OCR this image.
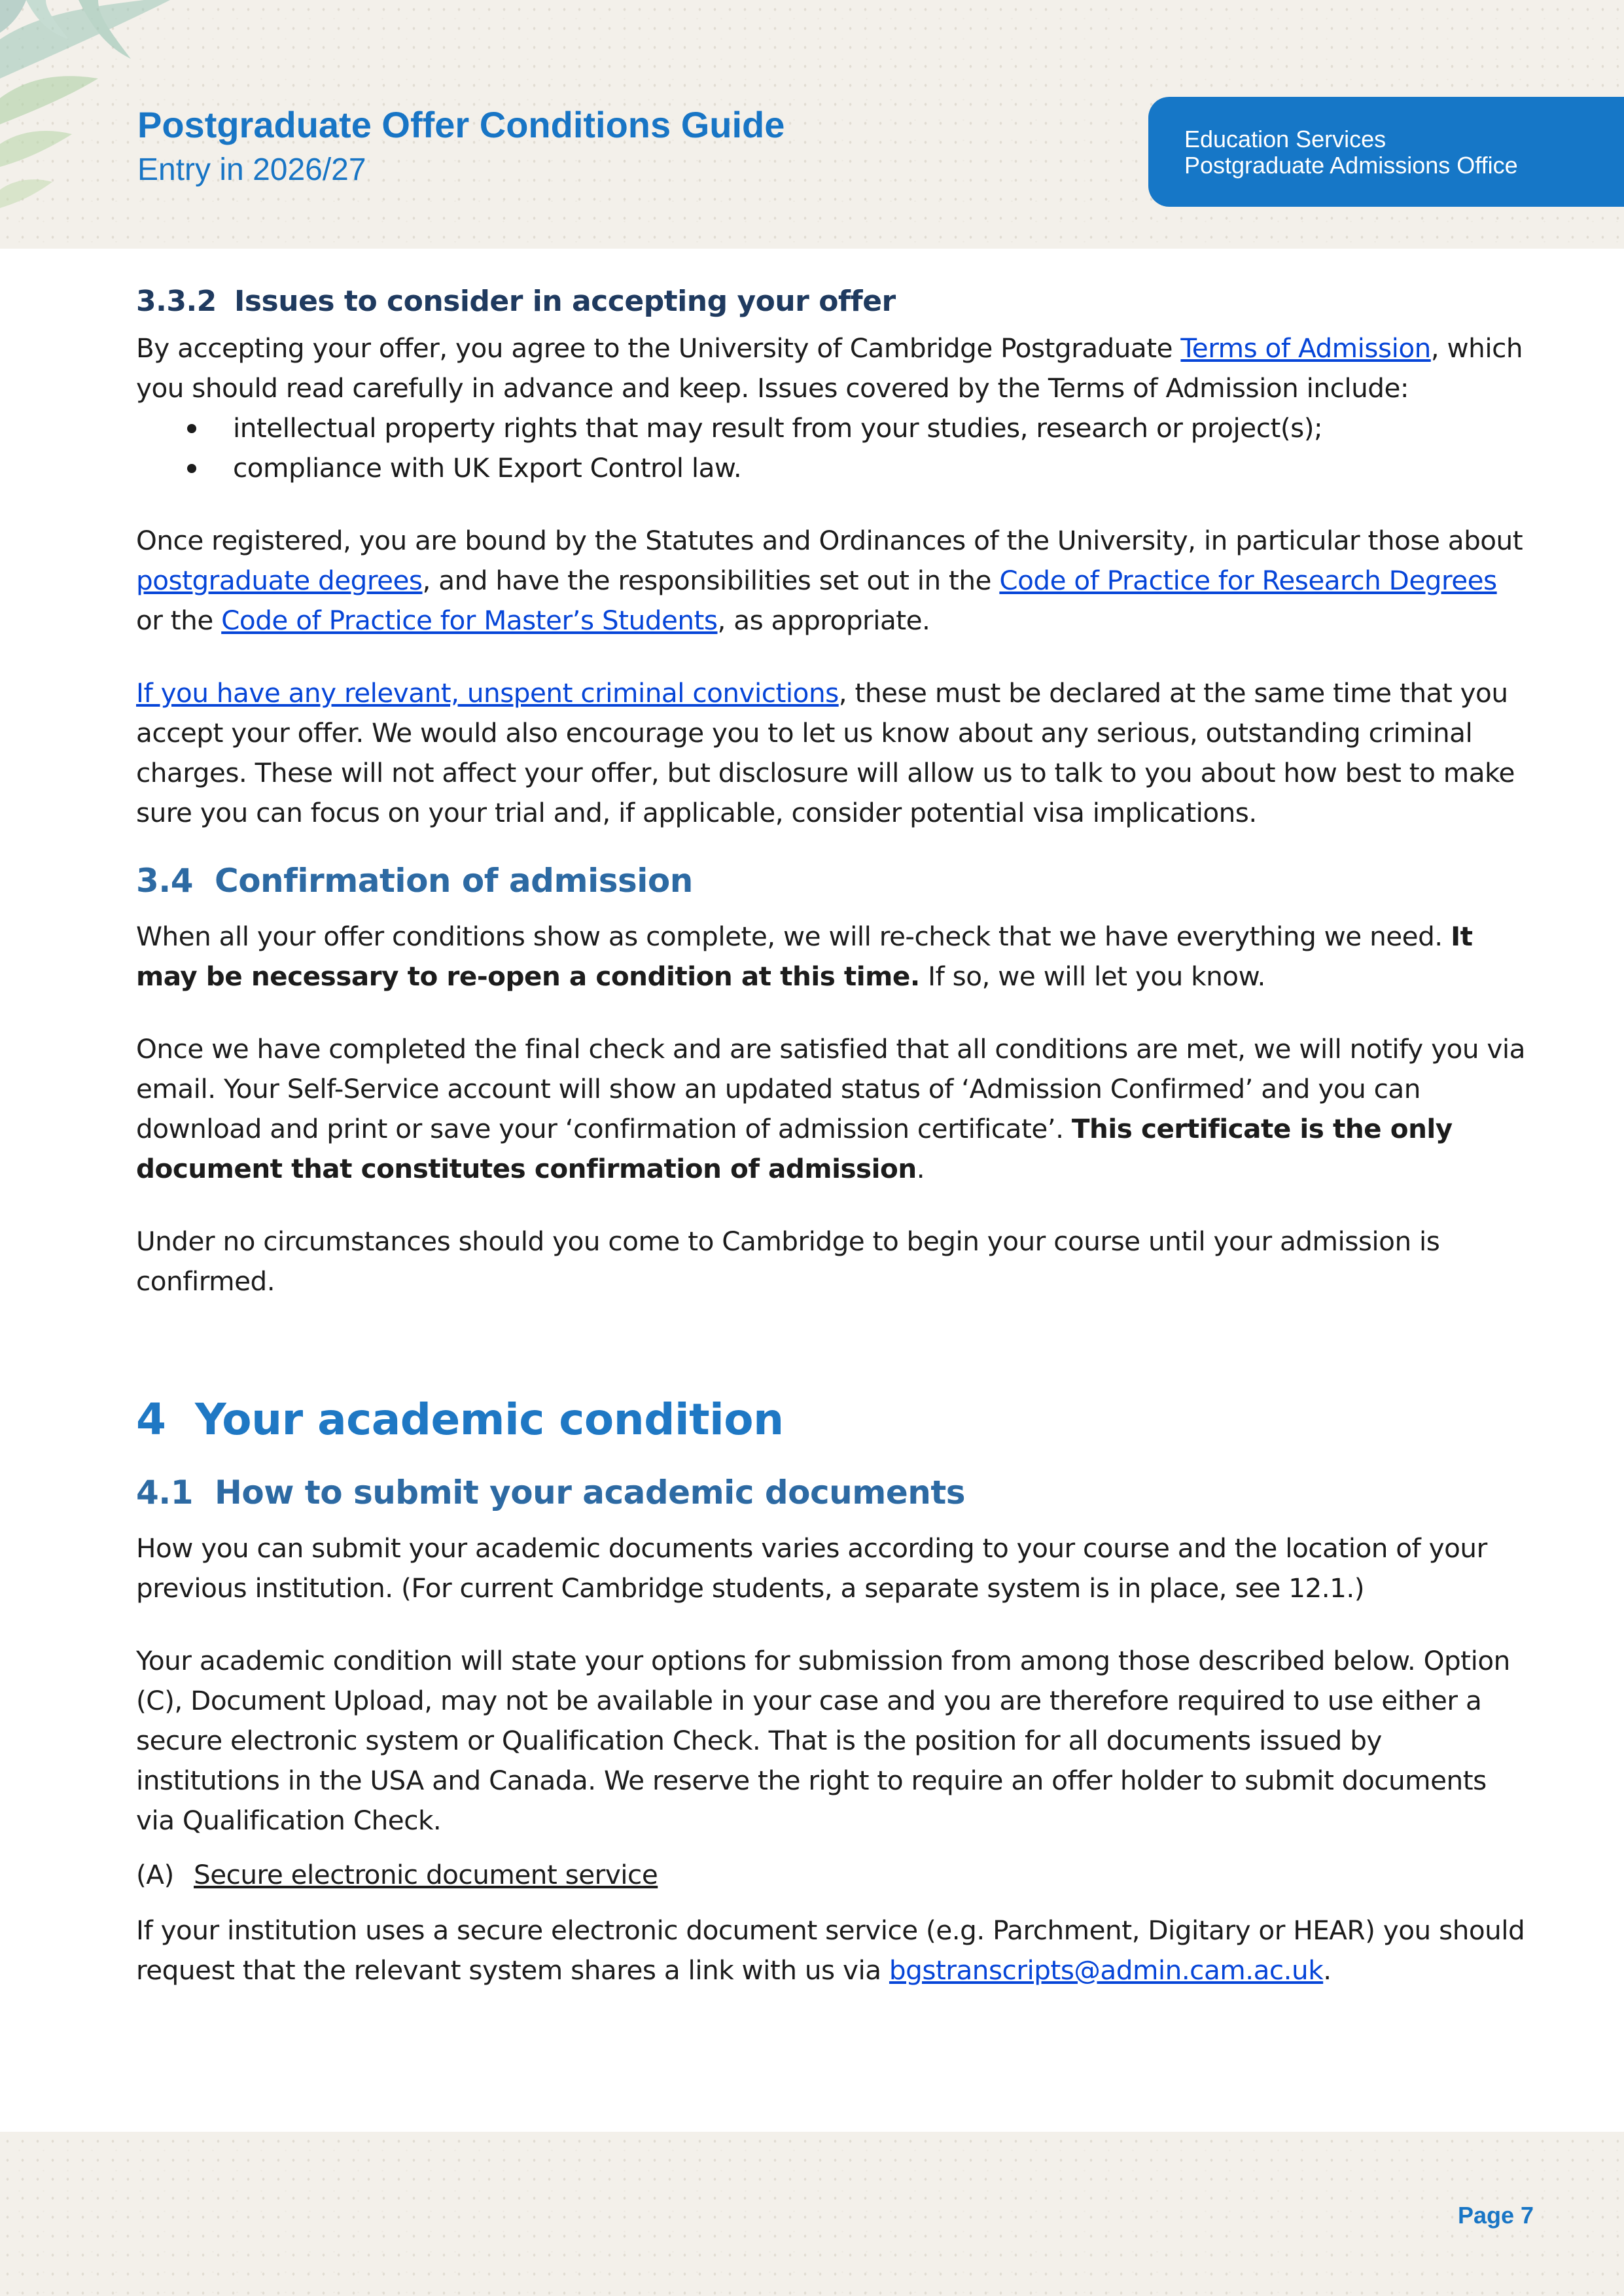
Postgraduate Offer Conditions Guide
Entry in 2026/27
Education Services
Postgraduate Admissions Office
3.3.2 Issues to consider in accepting your offer

By accepting your offer, you agree to the University of Cambridge Postgraduate Terms of Admission, which you should read carefully in advance and keep. Issues covered by the Terms of Admission include:

intellectual property rights that may result from your studies, research or project(s);
compliance with UK Export Control law.

Once registered, you are bound by the Statutes and Ordinances of the University, in particular those about postgraduate degrees, and have the responsibilities set out in the Code of Practice for Research Degrees or the Code of Practice for Master’s Students, as appropriate.

If you have any relevant, unspent criminal convictions, these must be declared at the same time that you accept your offer. We would also encourage you to let us know about any serious, outstanding criminal charges. These will not affect your offer, but disclosure will allow us to talk to you about how best to make sure you can focus on your trial and, if applicable, consider potential visa implications.

3.4 Confirmation of admission

When all your offer conditions show as complete, we will re-check that we have everything we need. It may be necessary to re-open a condition at this time. If so, we will let you know.

Once we have completed the final check and are satisfied that all conditions are met, we will notify you via email. Your Self-Service account will show an updated status of ‘Admission Confirmed’ and you can download and print or save your ‘confirmation of admission certificate’. This certificate is the only document that constitutes confirmation of admission.

Under no circumstances should you come to Cambridge to begin your course until your admission is confirmed.

4 Your academic condition
4.1 How to submit your academic documents

How you can submit your academic documents varies according to your course and the location of your previous institution. (For current Cambridge students, a separate system is in place, see 12.1.)

Your academic condition will state your options for submission from among those described below. Option (C), Document Upload, may not be available in your case and you are therefore required to use either a secure electronic system or Qualification Check. That is the position for all documents issued by institutions in the USA and Canada. We reserve the right to require an offer holder to submit documents via Qualification Check.

(A) Secure electronic document service

If your institution uses a secure electronic document service (e.g. Parchment, Digitary or HEAR) you should request that the relevant system shares a link with us via bgstranscripts@admin.cam.ac.uk.

Page 7
